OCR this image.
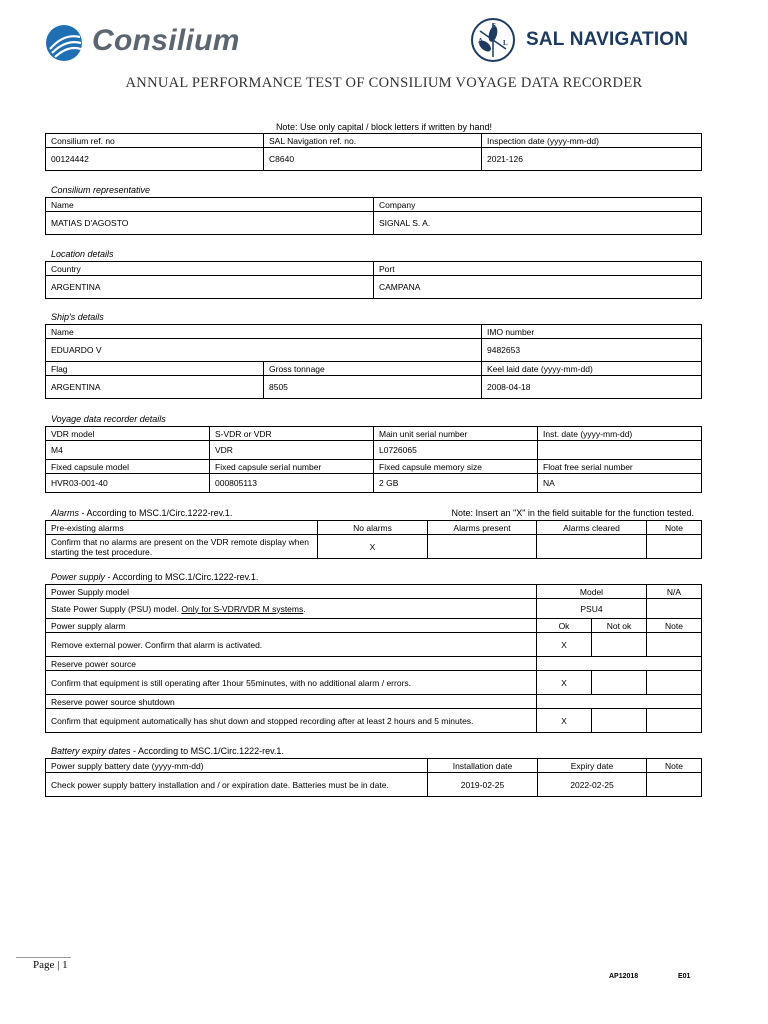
Consilium	S
A	L SAL NAVIGATION
ANNUAL PERFORMANCE TEST OF CONSILIUM VOYAGE DATA RECORDER
Note: Use only capital / block letters if written by hand!
Consilium ref. no	SAL Navigation ref. no.	Inspection date (yyyy-mm-dd)
00124442	C8640	2021-126
Consilium representative
Name	Company
MATIAS D'AGOSTO	SIGNAL S. A.
Location details
Country	Port
ARGENTINA	CAMPANA
Ship's details
Name		IMO number
EDUARDO V		9482653
Flag	Gross tonnage	Keel laid date (yyyy-mm-dd)
ARGENTINA	8505	2008-04-18
Voyage data recorder details
VDR model	S-VDR or VDR	Main unit serial number	Inst. date (yyyy-mm-dd)
M4	VDR	L0726065	
Fixed capsule model	Fixed capsule serial number	Fixed capsule memory size	Float free serial number
HVR03-001-40	000805113	2 GB	NA
Alarms - According to MSC.1/Circ.1222-rev.1.	Note: Insert an "X" in the field suitable for the function tested.
Pre-existing alarms	No alarms	Alarms present	Alarms cleared	Note
Confirm that no alarms are present on the VDR remote display when starting the test procedure.	X			
Power supply - According to MSC.1/Circ.1222-rev.1.
Power Supply model	Model		N/A
State Power Supply (PSU) model. Only for S-VDR/VDR M systems.	PSU4		
Power supply alarm	Ok	Not ok	Note
Remove external power. Confirm that alarm is activated.	X		
Reserve power source			
Confirm that equipment is still operating after 1hour 55minutes, with no additional alarm / errors.	X		
Reserve power source shutdown			
Confirm that equipment automatically has shut down and stopped recording after at least 2 hours and 5 minutes.	X		
Battery expiry dates - According to MSC.1/Circ.1222-rev.1.
Power supply battery date (yyyy-mm-dd)	Installation date	Expiry date	Note
Check power supply battery installation and / or expiration date. Batteries must be in date.	2019-02-25	2022-02-25	
Page | 1
AP12018	E01
